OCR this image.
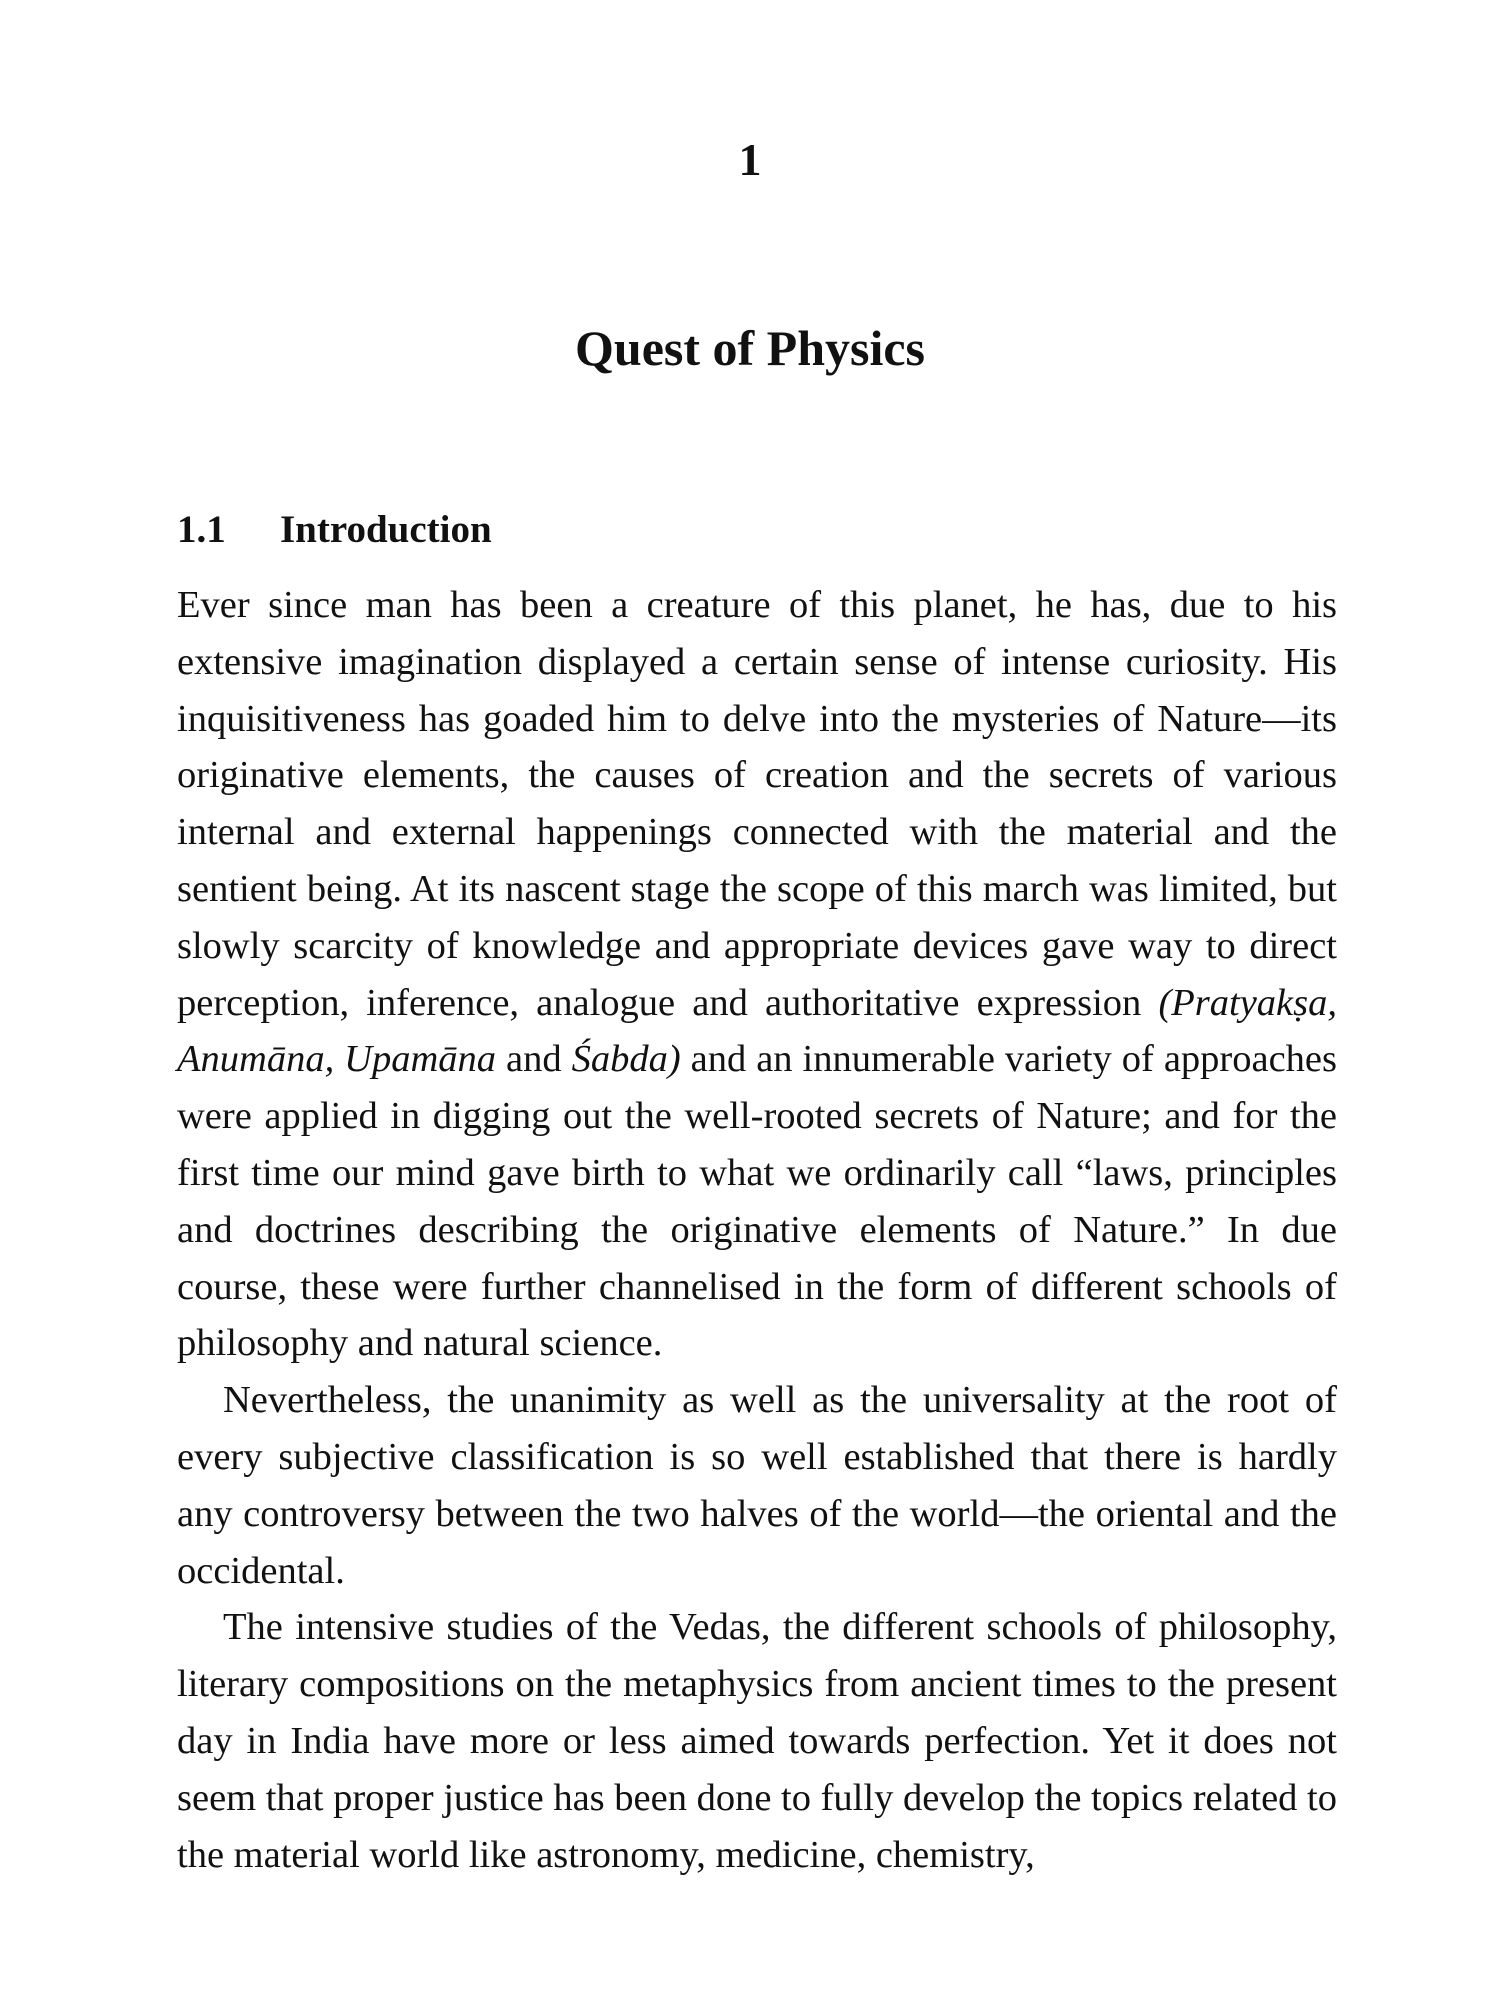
1
Quest of Physics
1.1 Introduction

Ever since man has been a creature of this planet, he has, due to his extensive imagination displayed a certain sense of intense curiosity. His inquisitiveness has goaded him to delve into the mysteries of Nature—its originative elements, the causes of creation and the secrets of various internal and external happenings connected with the material and the sentient being. At its nascent stage the scope of this march was limited, but slowly scarcity of knowledge and appropriate devices gave way to direct perception, inference, analogue and authoritative expression (Pratyakṣa, Anumāna, Upamāna and Śabda) and an innumerable variety of approaches were applied in digging out the well-rooted secrets of Nature; and for the first time our mind gave birth to what we ordinarily call “laws, principles and doctrines describing the originative elements of Nature.” In due course, these were further channelised in the form of different schools of philosophy and natural science.

Nevertheless, the unanimity as well as the universality at the root of every subjective classification is so well established that there is hardly any controversy between the two halves of the world—the oriental and the occidental.

The intensive studies of the Vedas, the different schools of philosophy, literary compositions on the metaphysics from ancient times to the present day in India have more or less aimed towards perfection. Yet it does not seem that proper justice has been done to fully develop the topics related to the material world like astronomy, medicine, chemistry,
